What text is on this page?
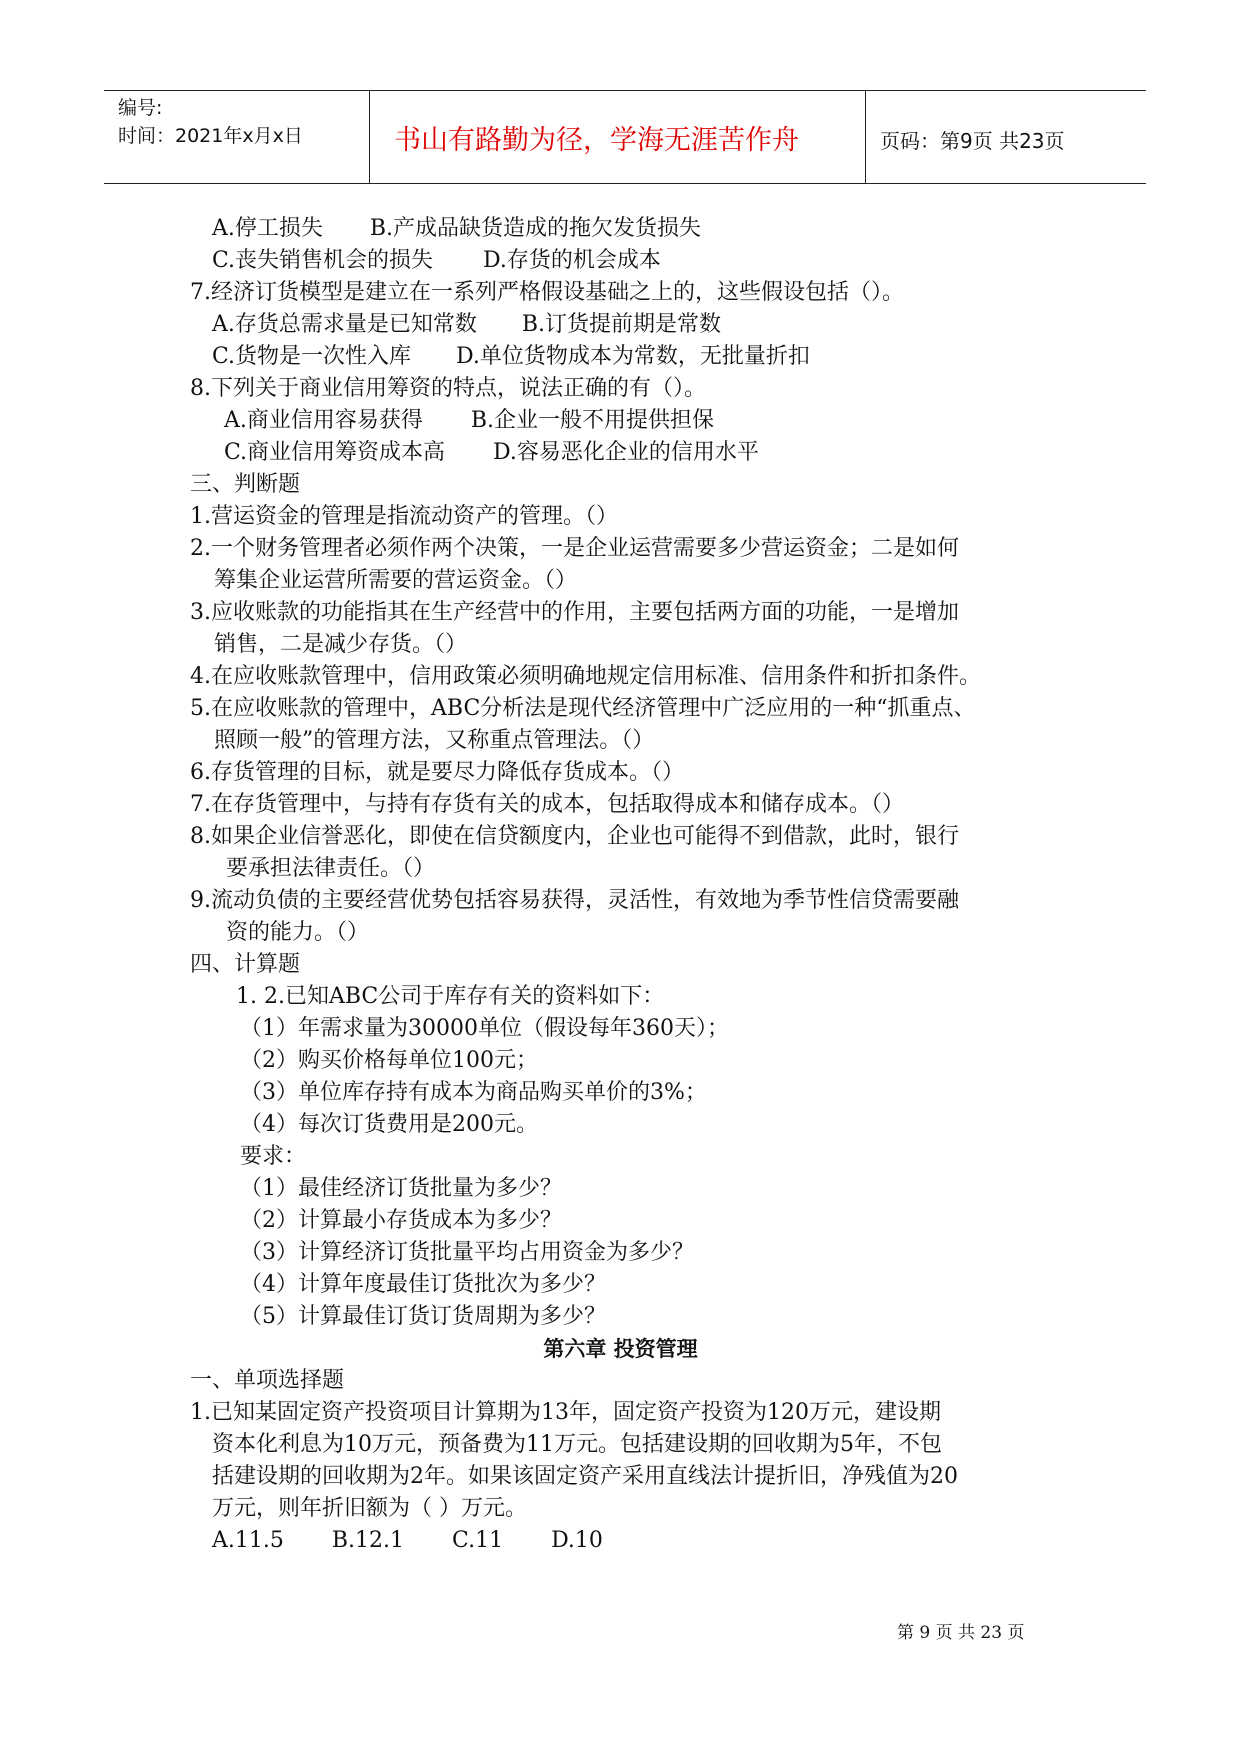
编号:
时间：2021年x月x日	书山有路勤为径，学海无涯苦作舟	页码：第9页 共23页
A.停工损失 B.产成品缺货造成的拖欠发货损失
C.丧失销售机会的损失 D.存货的机会成本
7.经济订货模型是建立在一系列严格假设基础之上的，这些假设包括（）。
A.存货总需求量是已知常数 B.订货提前期是常数
C.货物是一次性入库 D.单位货物成本为常数，无批量折扣
8.下列关于商业信用筹资的特点，说法正确的有（）。
A.商业信用容易获得 B.企业一般不用提供担保
C.商业信用筹资成本高 D.容易恶化企业的信用水平
三、判断题
1.营运资金的管理是指流动资产的管理。（）
2.一个财务管理者必须作两个决策，一是企业运营需要多少营运资金；二是如何
筹集企业运营所需要的营运资金。（）
3.应收账款的功能指其在生产经营中的作用，主要包括两方面的功能，一是增加
销售，二是减少存货。（）
4.在应收账款管理中，信用政策必须明确地规定信用标准、信用条件和折扣条件。
5.在应收账款的管理中，ABC分析法是现代经济管理中广泛应用的一种“抓重点、
照顾一般”的管理方法，又称重点管理法。（）
6.存货管理的目标，就是要尽力降低存货成本。（）
7.在存货管理中，与持有存货有关的成本，包括取得成本和储存成本。（）
8.如果企业信誉恶化，即使在信贷额度内，企业也可能得不到借款，此时，银行
要承担法律责任。（）
9.流动负债的主要经营优势包括容易获得，灵活性，有效地为季节性信贷需要融
资的能力。（）
四、计算题
1. 2.已知ABC公司于库存有关的资料如下：
（1）年需求量为30000单位（假设每年360天）；
（2）购买价格每单位100元；
（3）单位库存持有成本为商品购买单价的3%；
（4）每次订货费用是200元。
要求：
（1）最佳经济订货批量为多少？
（2）计算最小存货成本为多少？
（3）计算经济订货批量平均占用资金为多少？
（4）计算年度最佳订货批次为多少？
（5）计算最佳订货订货周期为多少？
第六章 投资管理
一、单项选择题
1.已知某固定资产投资项目计算期为13年，固定资产投资为120万元，建设期
资本化利息为10万元，预备费为11万元。包括建设期的回收期为5年，不包
括建设期的回收期为2年。如果该固定资产采用直线法计提折旧，净残值为20
万元，则年折旧额为（ ）万元。
A.11.5 B.12.1 C.11 D.10
第 9 页 共 23 页
